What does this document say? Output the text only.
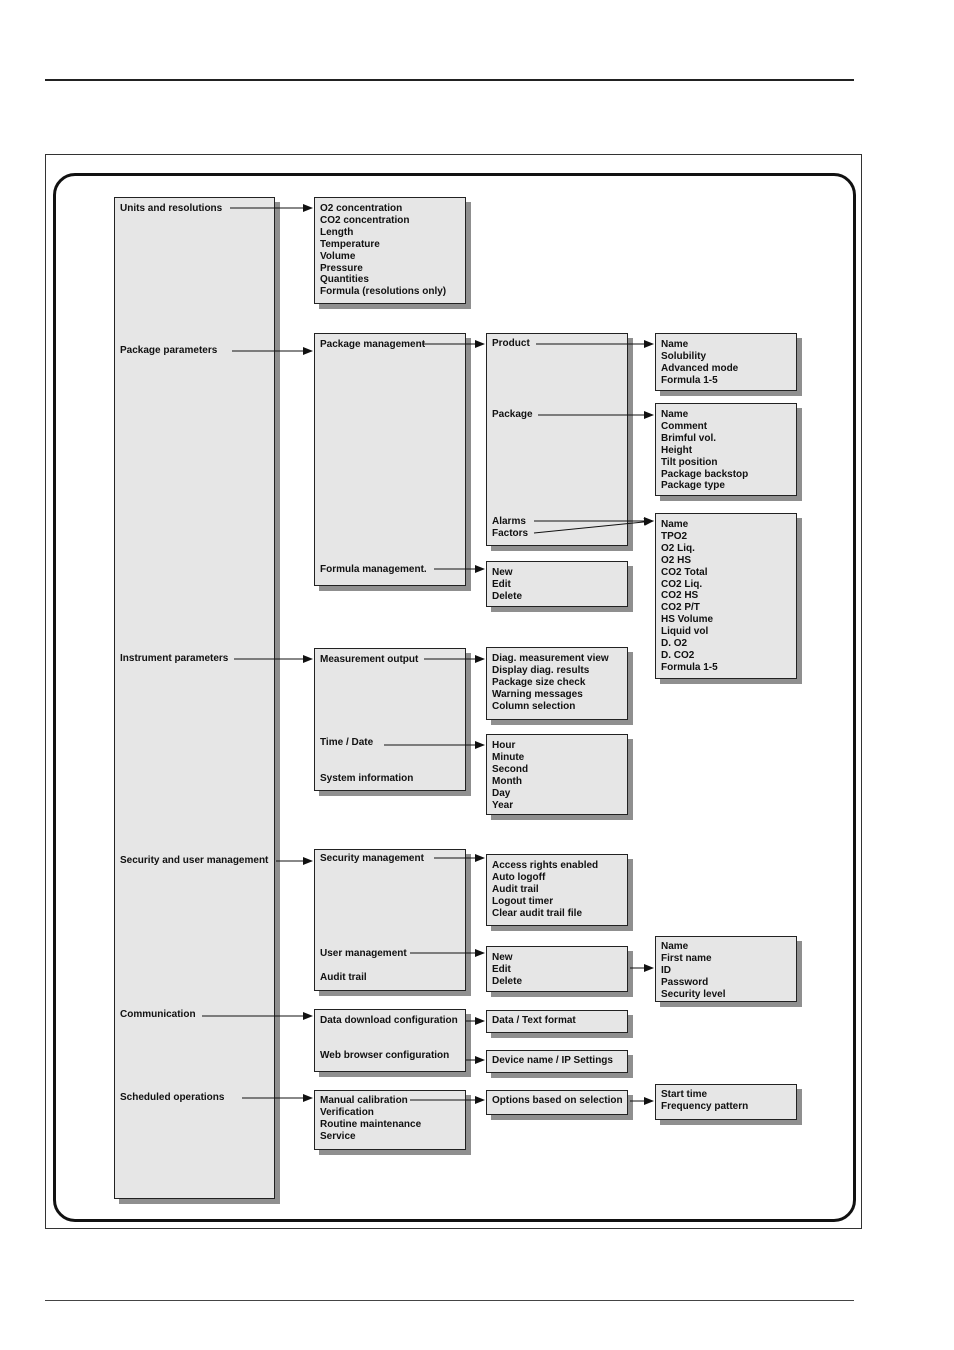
Units and resolutions
Package parameters
Instrument parameters
Security and user management
Communication
Scheduled operations
O2 concentration
CO2 concentration
Length
Temperature
Volume
Pressure
Quantities
Formula (resolutions only)
Package management
Formula management.
Product
Package
Alarms
Factors
Name
Solubility
Advanced mode
Formula 1-5
Name
Comment
Brimful vol.
Height
Tilt position
Package backstop
Package type
Name
TPO2
O2 Liq.
O2 HS
CO2 Total
CO2 Liq.
CO2 HS
CO2 P/T
HS Volume
Liquid vol
D. O2
D. CO2
Formula 1-5
New
Edit
Delete
Measurement output
Time / Date
System information
Diag. measurement view
Display diag. results
Package size check
Warning messages
Column selection
Hour
Minute
Second
Month
Day
Year
Security management
User management
Audit trail
Access rights enabled
Auto logoff
Audit trail
Logout timer
Clear audit trail file
New
Edit
Delete
Name
First name
ID
Password
Security level
Data download configuration
Web browser configuration
Data / Text format
Device name / IP Settings
Manual calibration
Verification
Routine maintenance
Service
Options based on selection
Start time
Frequency pattern
